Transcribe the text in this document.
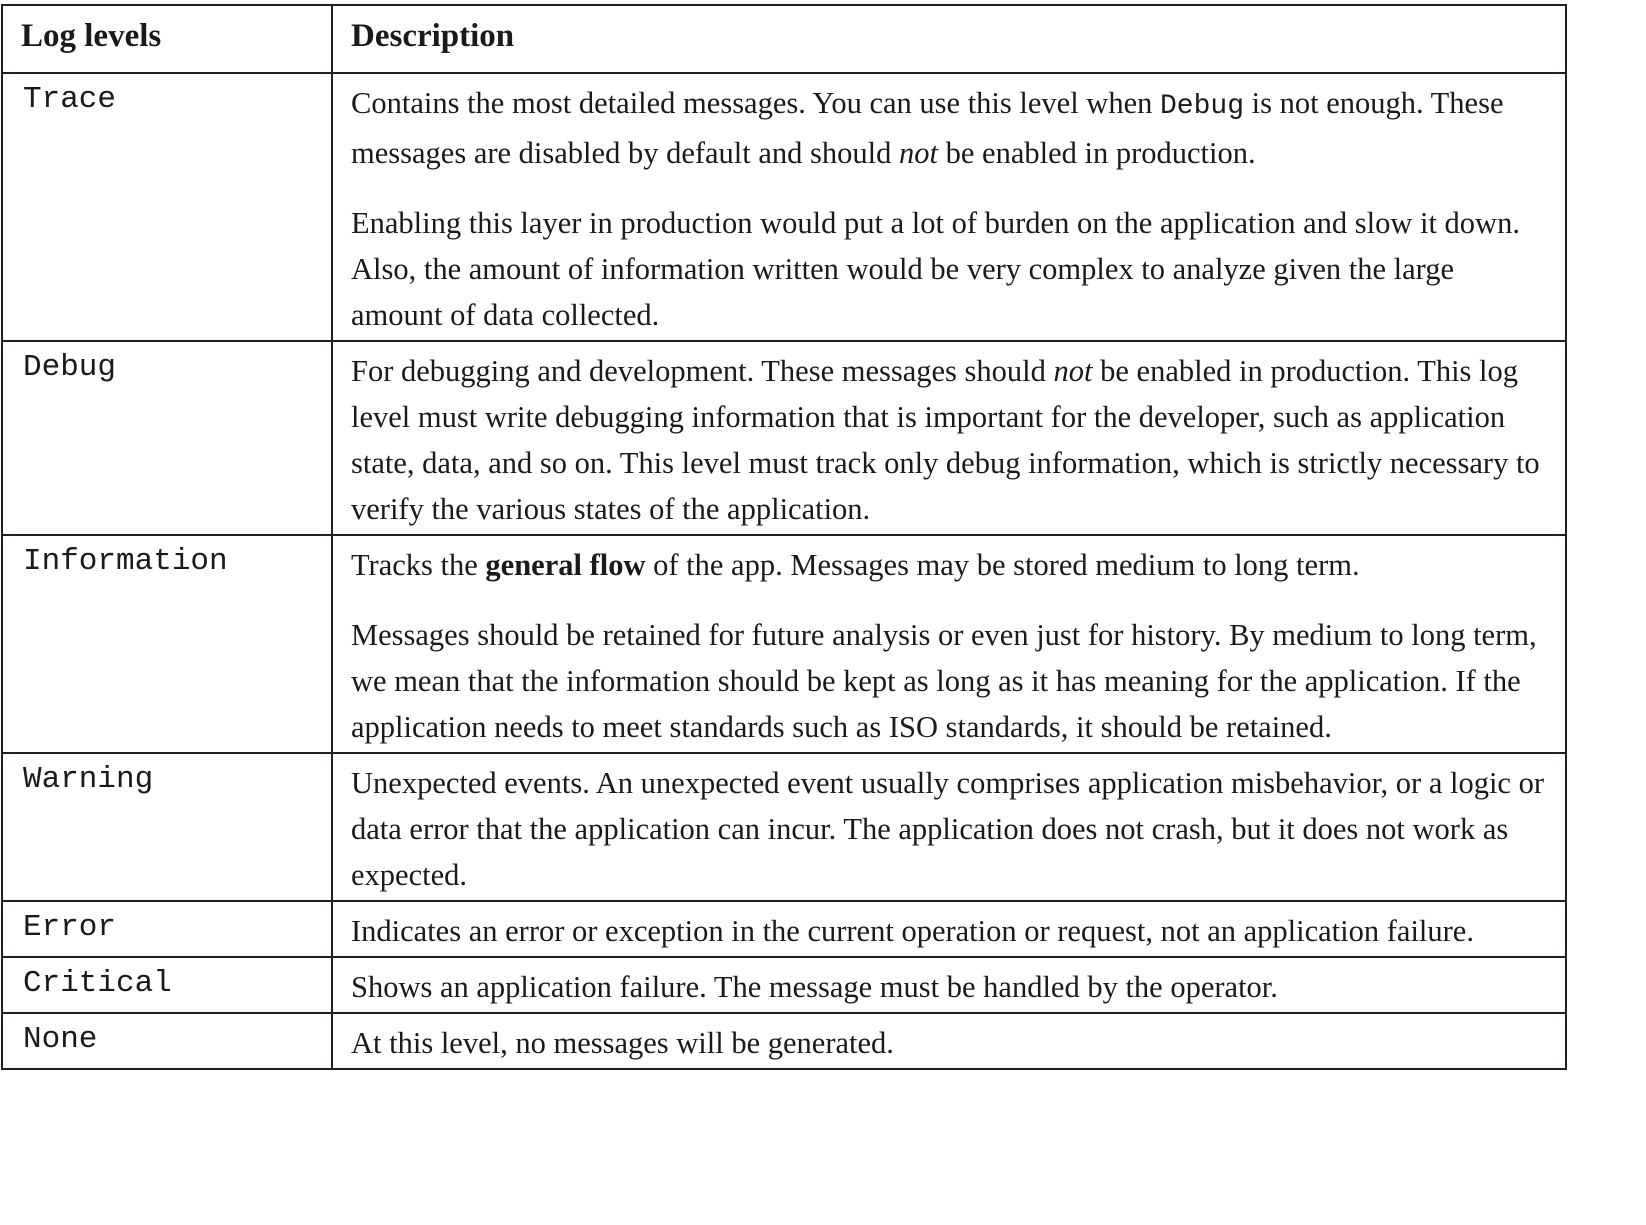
Log levels	Description
Trace	Contains the most detailed messages. You can use this level when Debug is not enough. These messages are disabled by default and should not be enabled in production.

Enabling this layer in production would put a lot of burden on the application and slow it down. Also, the amount of information written would be very complex to analyze given the large amount of data collected.

Debug	For debugging and development. These messages should not be enabled in production. This log level must write debugging information that is important for the developer, such as application state, data, and so on. This level must track only debug information, which is strictly necessary to verify the various states of the application.

Information	Tracks the general flow of the app. Messages may be stored medium to long term.

Messages should be retained for future analysis or even just for history. By medium to long term, we mean that the information should be kept as long as it has meaning for the application. If the application needs to meet standards such as ISO standards, it should be retained.

Warning	Unexpected events. An unexpected event usually comprises application misbehavior, or a logic or data error that the application can incur. The application does not crash, but it does not work as expected.

Error	Indicates an error or exception in the current operation or request, not an application failure.

Critical	Shows an application failure. The message must be handled by the operator.

None	At this level, no messages will be generated.
